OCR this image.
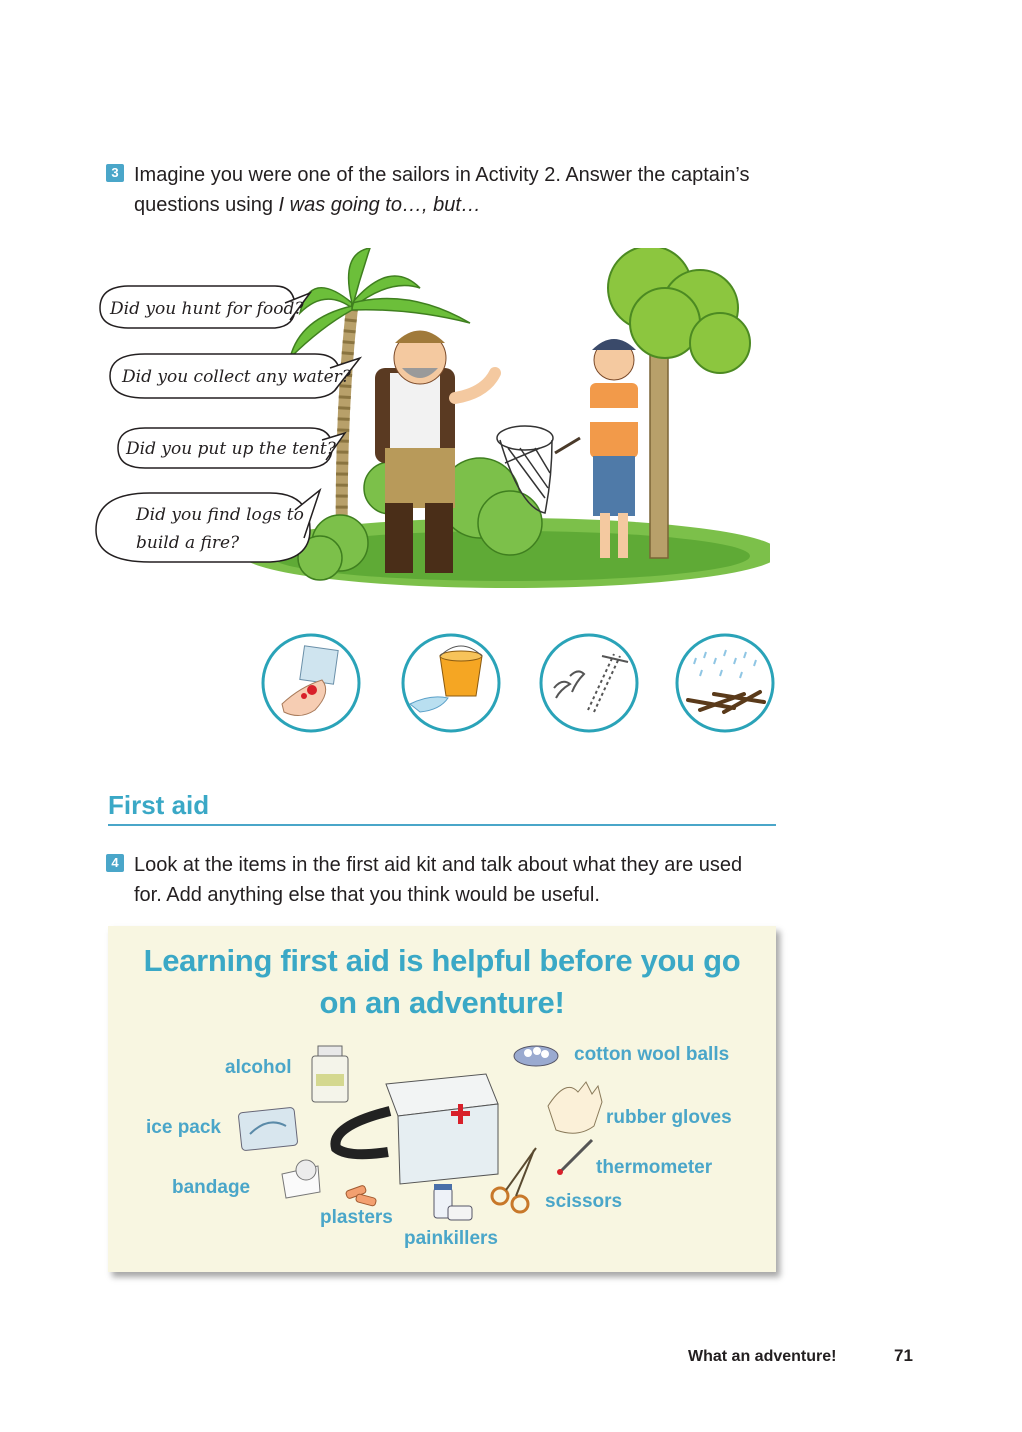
3 Imagine you were one of the sailors in Activity 2. Answer the captain’s
questions using I was going to…, but…
Did you hunt for food?
Did you collect any water?
Did you put up the tent?
Did you find logs to
build a fire?
First aid
4 Look at the items in the first aid kit and talk about what they are used
for. Add anything else that you think would be useful.
Learning first aid is helpful before you go
on an adventure!
alcohol
ice pack
bandage
plasters
painkillers
scissors
thermometer
rubber gloves
cotton wool balls
What an adventure!	71
